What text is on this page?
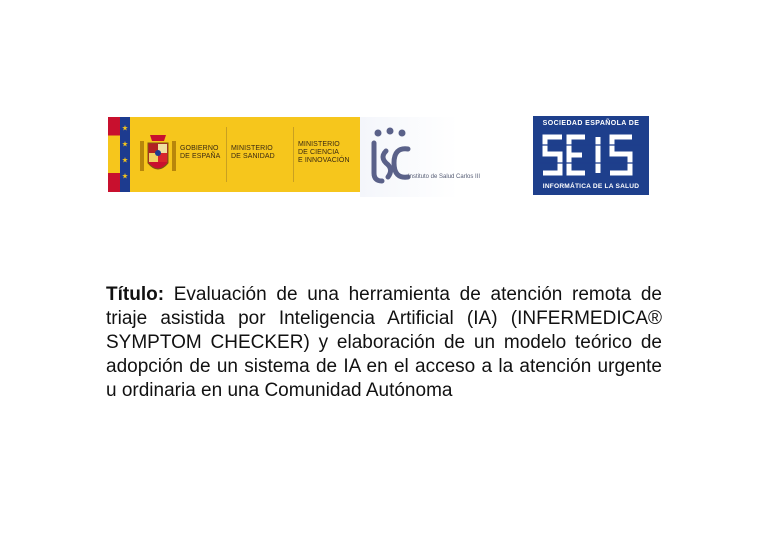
GOBIERNO
DE ESPAÑA
MINISTERIO
DE SANIDAD
MINISTERIO
DE CIENCIA
E INNOVACIÓN
Instituto de Salud Carlos III
SOCIEDAD ESPAÑOLA DE
INFORMÁTICA DE LA SALUD
Título: Evaluación de una herramienta de atención remota de triaje asistida por Inteligencia Artificial (IA) (INFERMEDICA® SYMPTOM CHECKER) y elaboración de un modelo teórico de adopción de un sistema de IA en el acceso a la atención urgente u ordinaria en una Comunidad Autónoma
